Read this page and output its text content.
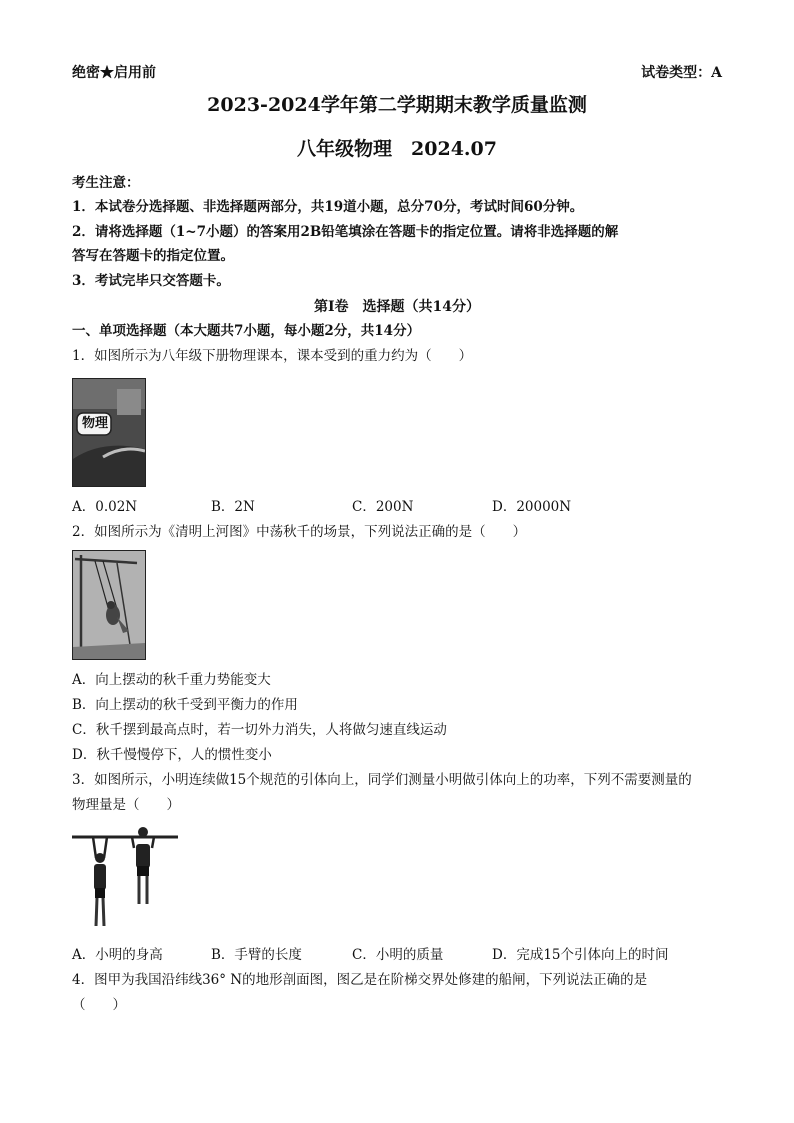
绝密★启用前	试卷类型：A
2023-2024学年第二学期期末教学质量监测
八年级物理　2024.07
考生注意：
1．本试卷分选择题、非选择题两部分，共19道小题，总分70分，考试时间60分钟。
2．请将选择题（1~7小题）的答案用2B铅笔填涂在答题卡的指定位置。请将非选择题的解
答写在答题卡的指定位置。
3．考试完毕只交答题卡。
第Ⅰ卷　选择题（共14分）
一、单项选择题（本大题共7小题，每小题2分，共14分）
1．如图所示为八年级下册物理课本，课本受到的重力约为（　　）
物理
A．0.02N	B．2N	C．200N	D．20000N
2．如图所示为《清明上河图》中荡秋千的场景，下列说法正确的是（　　）
A．向上摆动的秋千重力势能变大
B．向上摆动的秋千受到平衡力的作用
C．秋千摆到最高点时，若一切外力消失，人将做匀速直线运动
D．秋千慢慢停下，人的惯性变小
3．如图所示，小明连续做15个规范的引体向上，同学们测量小明做引体向上的功率，下列不需要测量的
物理量是（　　）
A．小明的身高	B．手臂的长度	C．小明的质量	D．完成15个引体向上的时间
4．图甲为我国沿纬线36° N的地形剖面图，图乙是在阶梯交界处修建的船闸，下列说法正确的是
（　　）
